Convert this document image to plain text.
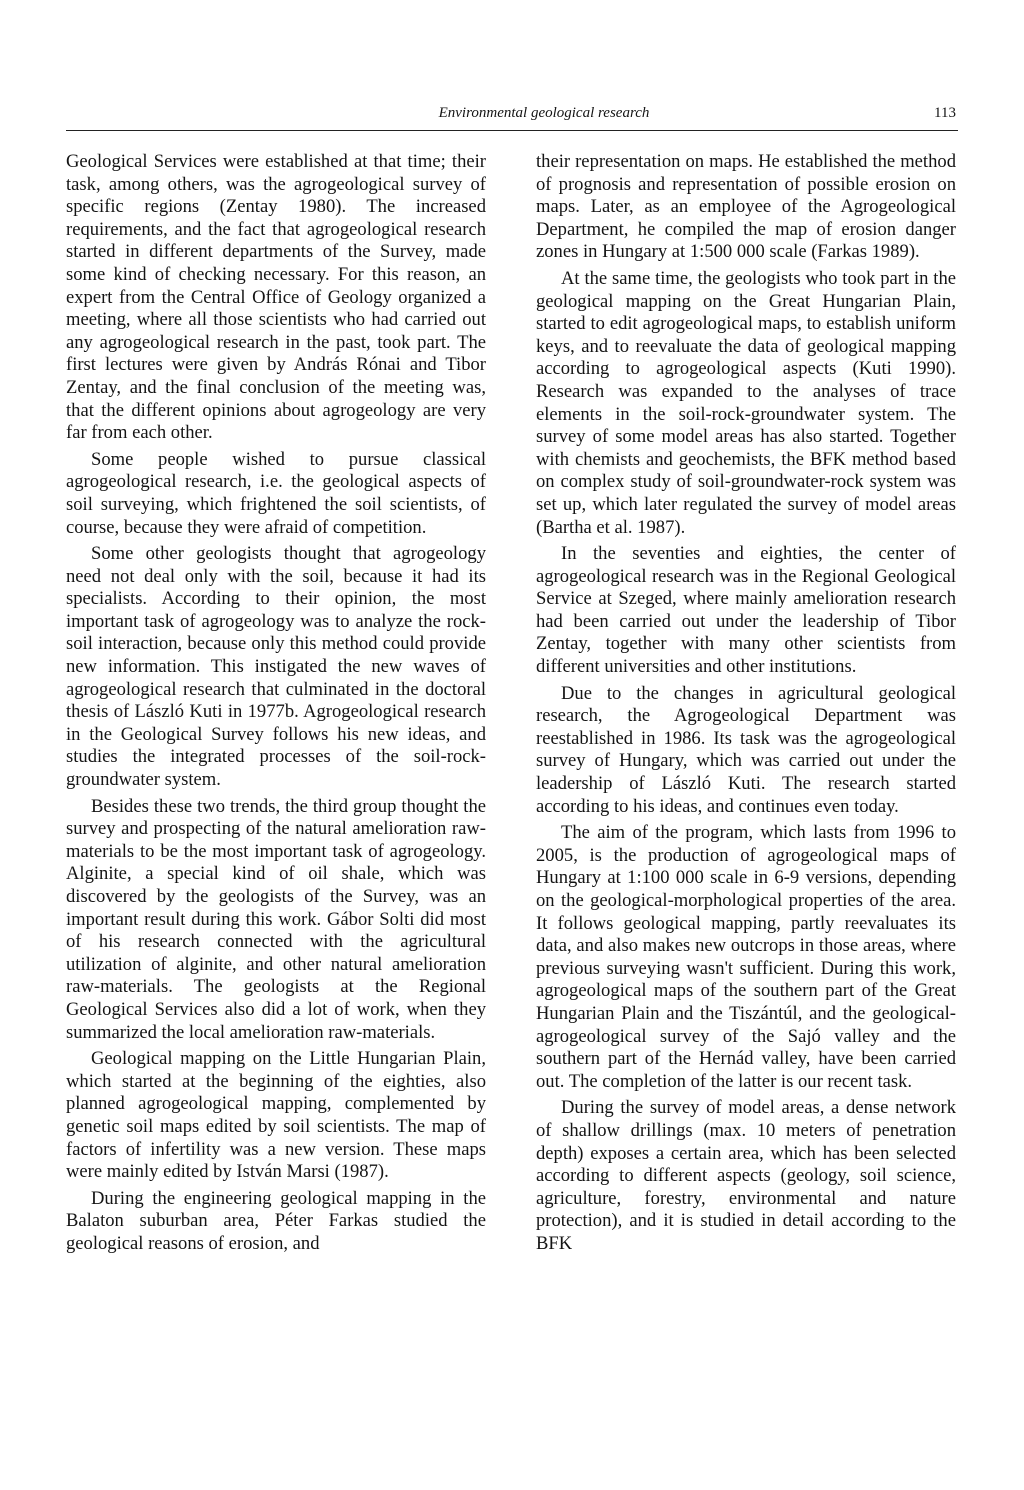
Environmental geological research	113

Geological Services were established at that time; their task, among others, was the agrogeological survey of specific regions (Zentay 1980). The increased requirements, and the fact that agrogeological research started in different departments of the Survey, made some kind of checking necessary. For this reason, an expert from the Central Office of Geology organized a meeting, where all those scientists who had carried out any agrogeological research in the past, took part. The first lectures were given by András Rónai and Tibor Zentay, and the final conclusion of the meeting was, that the different opinions about agrogeology are very far from each other.

Some people wished to pursue classical agrogeological research, i.e. the geological aspects of soil surveying, which frightened the soil scientists, of course, because they were afraid of competition.

Some other geologists thought that agrogeology need not deal only with the soil, because it had its specialists. According to their opinion, the most important task of agrogeology was to analyze the rock-soil interaction, because only this method could provide new information. This instigated the new waves of agrogeological research that culminated in the doctoral thesis of László Kuti in 1977b. Agrogeological research in the Geological Survey follows his new ideas, and studies the integrated processes of the soil-rock-groundwater system.

Besides these two trends, the third group thought the survey and prospecting of the natural amelioration raw-materials to be the most important task of agrogeology. Alginite, a special kind of oil shale, which was discovered by the geologists of the Survey, was an important result during this work. Gábor Solti did most of his research connected with the agricultural utilization of alginite, and other natural amelioration raw-materials. The geologists at the Regional Geological Services also did a lot of work, when they summarized the local amelioration raw-materials.

Geological mapping on the Little Hungarian Plain, which started at the beginning of the eighties, also planned agrogeological mapping, complemented by genetic soil maps edited by soil scientists. The map of factors of infertility was a new version. These maps were mainly edited by István Marsi (1987).

During the engineering geological mapping in the Balaton suburban area, Péter Farkas studied the geological reasons of erosion, and

their representation on maps. He established the method of prognosis and representation of possible erosion on maps. Later, as an employee of the Agrogeological Department, he compiled the map of erosion danger zones in Hungary at 1:500 000 scale (Farkas 1989).

At the same time, the geologists who took part in the geological mapping on the Great Hungarian Plain, started to edit agrogeological maps, to establish uniform keys, and to reevaluate the data of geological mapping according to agrogeological aspects (Kuti 1990). Research was expanded to the analyses of trace elements in the soil-rock-groundwater system. The survey of some model areas has also started. Together with chemists and geochemists, the BFK method based on complex study of soil-groundwater-rock system was set up, which later regulated the survey of model areas (Bartha et al. 1987).

In the seventies and eighties, the center of agrogeological research was in the Regional Geological Service at Szeged, where mainly amelioration research had been carried out under the leadership of Tibor Zentay, together with many other scientists from different universities and other institutions.

Due to the changes in agricultural geological research, the Agrogeological Department was reestablished in 1986. Its task was the agrogeological survey of Hungary, which was carried out under the leadership of László Kuti. The research started according to his ideas, and continues even today.

The aim of the program, which lasts from 1996 to 2005, is the production of agrogeological maps of Hungary at 1:100 000 scale in 6-9 versions, depending on the geological-morphological properties of the area. It follows geological mapping, partly reevaluates its data, and also makes new outcrops in those areas, where previous surveying wasn't sufficient. During this work, agrogeological maps of the southern part of the Great Hungarian Plain and the Tiszántúl, and the geological-agrogeological survey of the Sajó valley and the southern part of the Hernád valley, have been carried out. The completion of the latter is our recent task.

During the survey of model areas, a dense network of shallow drillings (max. 10 meters of penetration depth) exposes a certain area, which has been selected according to different aspects (geology, soil science, agriculture, forestry, environmental and nature protection), and it is studied in detail according to the BFK
